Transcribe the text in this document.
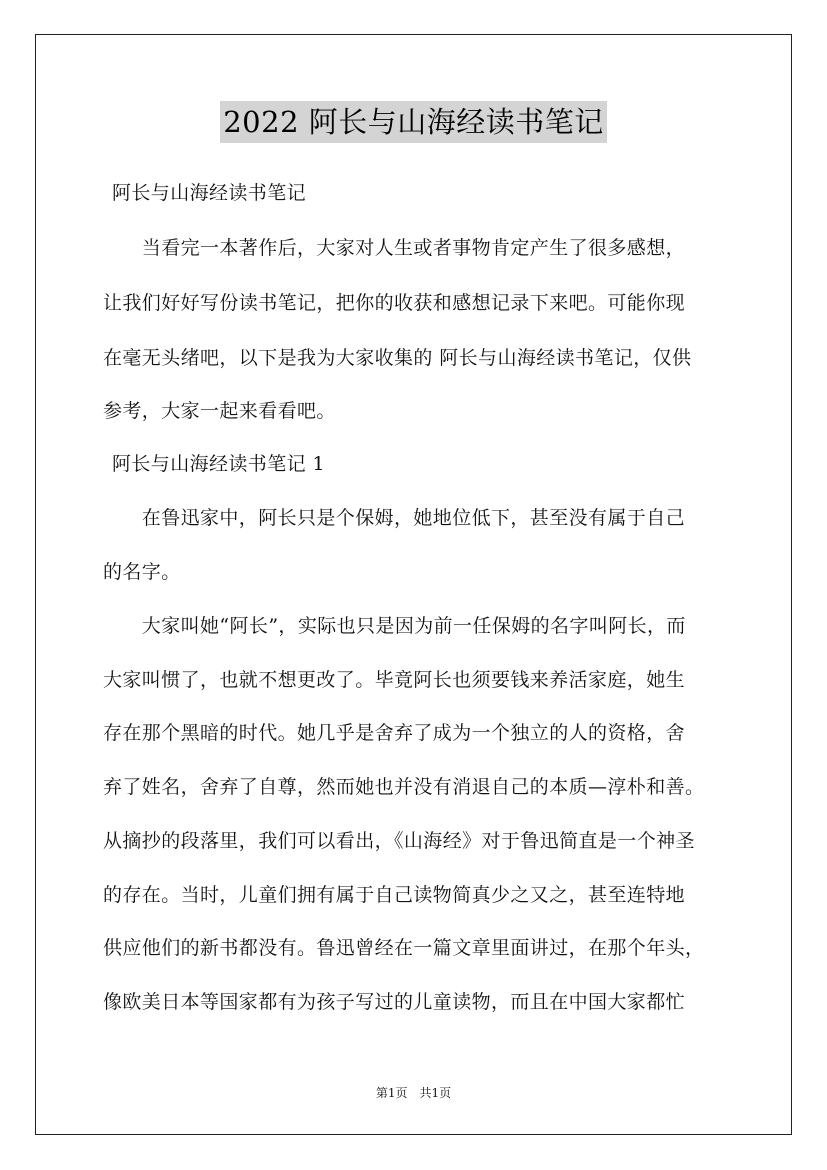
2022 阿长与山海经读书笔记
阿长与山海经读书笔记
　　当看完一本著作后，大家对人生或者事物肯定产生了很多感想，
让我们好好写份读书笔记，把你的收获和感想记录下来吧。可能你现
在毫无头绪吧，以下是我为大家收集的 阿长与山海经读书笔记，仅供
参考，大家一起来看看吧。
阿长与山海经读书笔记 1
　　在鲁迅家中，阿长只是个保姆，她地位低下，甚至没有属于自己
的名字。
　　大家叫她“阿长”，实际也只是因为前一任保姆的名字叫阿长，而
大家叫惯了，也就不想更改了。毕竟阿长也须要钱来养活家庭，她生
存在那个黑暗的时代。她几乎是舍弃了成为一个独立的人的资格，舍
弃了姓名，舍弃了自尊，然而她也并没有消退自己的本质—淳朴和善。
从摘抄的段落里，我们可以看出，《山海经》对于鲁迅简直是一个神圣
的存在。当时，儿童们拥有属于自己读物简真少之又之，甚至连特地
供应他们的新书都没有。鲁迅曾经在一篇文章里面讲过，在那个年头，
像欧美日本等国家都有为孩子写过的儿童读物，而且在中国大家都忙
第1页　共1页
